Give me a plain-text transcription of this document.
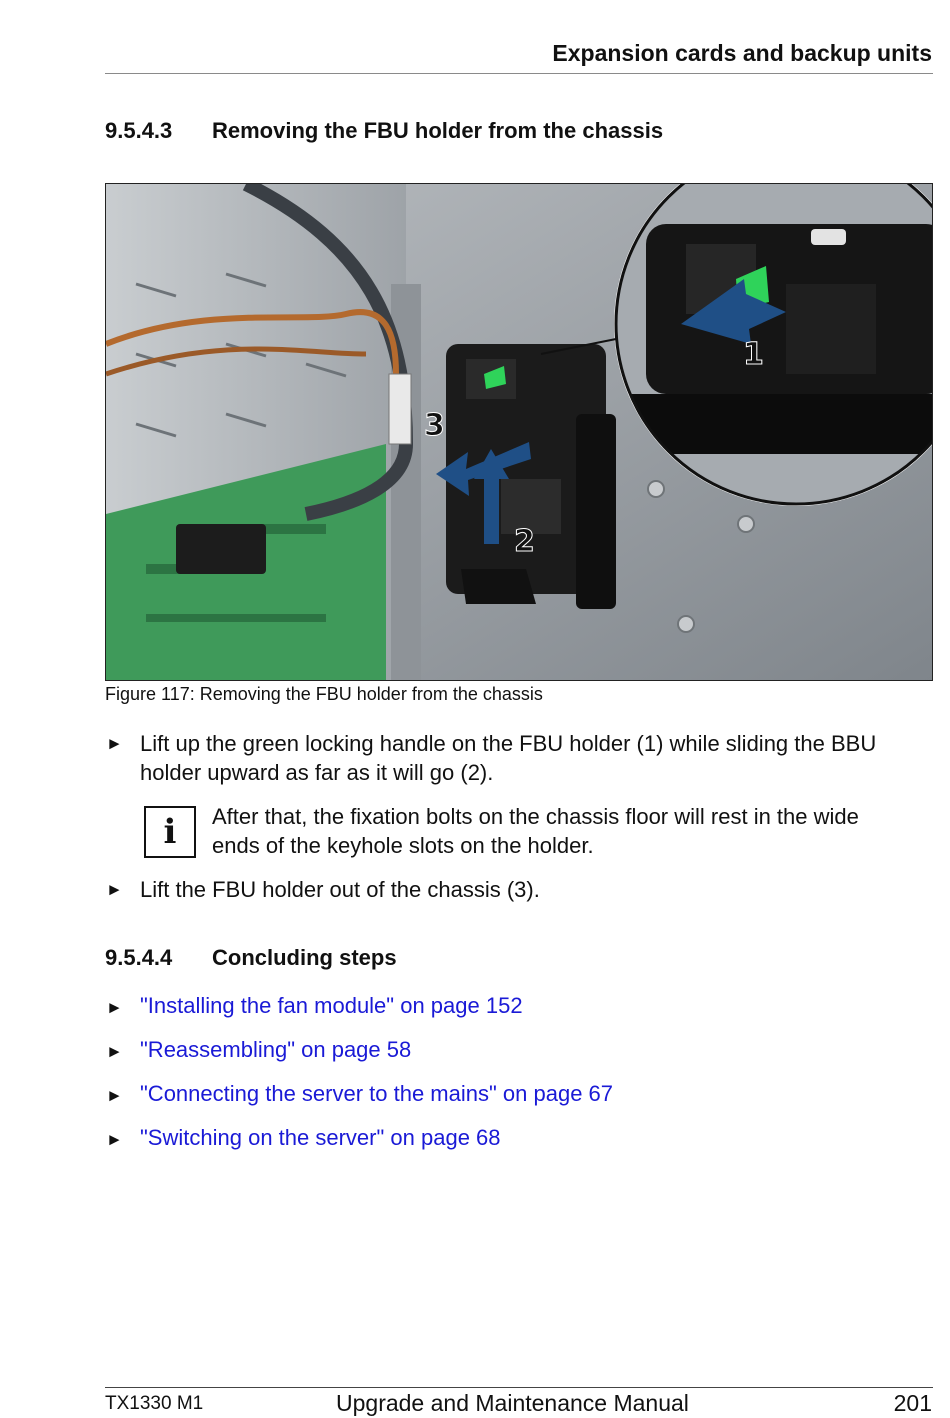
Expansion cards and backup units
9.5.4.3 Removing the FBU holder from the chassis
1
2
3
Figure 117: Removing the FBU holder from the chassis
► Lift up the green locking handle on the FBU holder (1) while sliding the BBU
holder upward as far as it will go (2).
i	After that, the fixation bolts on the chassis floor will rest in the wide
ends of the keyhole slots on the holder.
► Lift the FBU holder out of the chassis (3).
9.5.4.4 Concluding steps
► "Installing the fan module" on page 152
► "Reassembling" on page 58
► "Connecting the server to the mains" on page 67
► "Switching on the server" on page 68
TX1330 M1	Upgrade and Maintenance Manual	201
